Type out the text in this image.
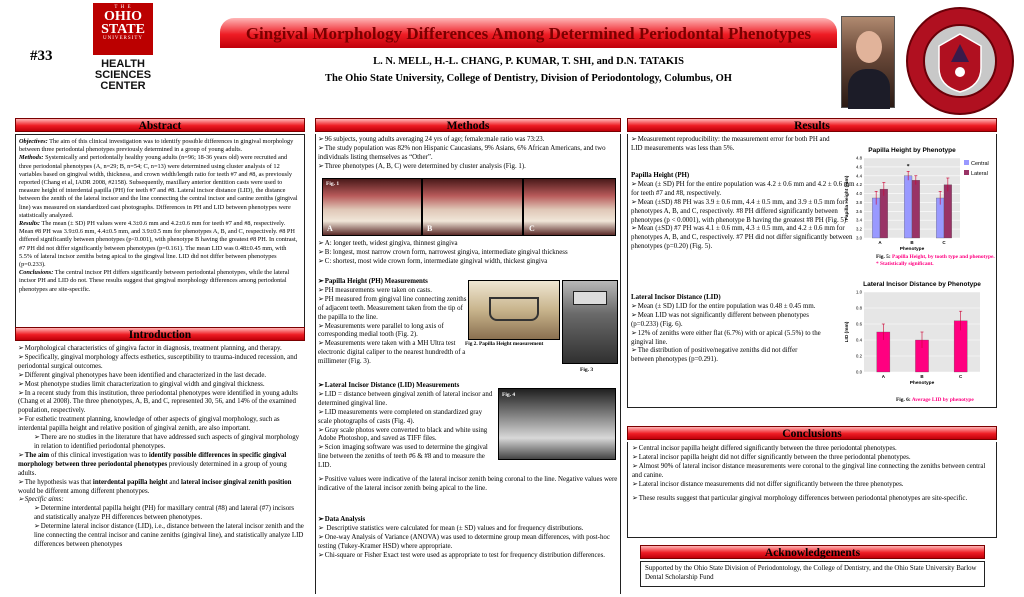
#33
T H E
OHIO
STATE
UNIVERSITY
HEALTH
SCIENCES
CENTER
Gingival Morphology Differences Among Determined Periodontal Phenotypes
L. N. MELL, H.-L. CHANG, P. KUMAR, T. SHI, and D.N. TATAKIS
The Ohio State University, College of Dentistry, Division of Periodontology, Columbus, OH
Abstract

Objectives: The aim of this clinical investigation was to identify possible differences in gingival morphology between three periodontal phenotypes previously determined in a group of young adults.

Methods: Systemically and periodontally healthy young adults (n=96; 18-36 years old) were recruited and three periodontal phenotypes (A, n=29; B, n=54; C, n=13) were determined using cluster analysis of 12 variables based on gingival width, thickness, and crown width/length ratio for teeth #7 and #8, as previously reported (Chang et al, IADR 2008, #2158). Subsequently, maxillary anterior dentition casts were used to measure height of interdental papilla (PH) for teeth #7 and #8. Lateral incisor distance (LID), the distance between the zenith of the lateral incisor and the line connecting the central incisor and canine zeniths (gingival line) was measured on standardized cast photographs. Differences in PH and LID between phenotypes were statistically analyzed.

Results: The mean (± SD) PH values were 4.3±0.6 mm and 4.2±0.6 mm for teeth #7 and #8, respectively. Mean #8 PH was 3.9±0.6 mm, 4.4±0.5 mm, and 3.9±0.5 mm for phenotypes A, B, and C, respectively. #8 PH differed significantly between phenotypes (p<0.001), with phenotype B having the greatest #8 PH. In contrast, #7 PH did not differ significantly between phenotypes (p=0.161). The mean LID was 0.48±0.45 mm, with 5.5% of lateral incisor zeniths being apical to the gingival line. LID did not differ between phenotypes (p=0.233).

Conclusions: The central incisor PH differs significantly between periodontal phenotypes, while the lateral incisor PH and LID do not. These results suggest that gingival morphology differences among periodontal phenotypes are site-specific.

Introduction

➢ Morphological characteristics of gingiva factor in diagnosis, treatment planning, and therapy.

➢ Specifically, gingival morphology affects esthetics, susceptibility to trauma-induced recession, and periodontal surgical outcomes.

➢ Different gingival phenotypes have been identified and characterized in the last decade.

➢ Most phenotype studies limit characterization to gingival width and gingival thickness.

➢ In a recent study from this institution, three periodontal phenotypes were identified in young adults (Chang et al 2008). The three phenotypes, A, B, and C, represented 30, 56, and 14% of the examined population, respectively.

➢ For esthetic treatment planning, knowledge of other aspects of gingival morphology, such as interdental papilla height and relative position of gingival zenith, are also important.

➢ There are no studies in the literature that have addressed such aspects of gingival morphology in relation to identified periodontal phenotypes.

➢ The aim of this clinical investigation was to identify possible differences in specific gingival morphology between three periodontal phenotypes previously determined in a group of young adults.

➢ The hypothesis was that interdental papilla height and lateral incisor gingival zenith position would be different among different phenotypes.

➢ Specific aims:

➢ Determine interdental papilla height (PH) for maxillary central (#8) and lateral (#7) incisors and statistically analyze PH differences between phenotypes.

➢ Determine lateral incisor distance (LID), i.e., distance between the lateral incisor zenith and the line connecting the central incisor and canine zeniths (gingival line), and statistically analyze LID differences between phenotypes

Methods

➢ 96 subjects, young adults averaging 24 yrs of age; female:male ratio was 73:23.

➢ The study population was 82% non Hispanic Caucasians, 9% Asians, 6% African Americans, and two individuals listing themselves as “Other”.

➢ Three phenotypes (A, B, C) were determined by cluster analysis (Fig. 1).

Fig. 1
A	B	C

➢ A: longer teeth, widest gingiva, thinnest gingiva

➢ B: longest, most narrow crown form, narrowest gingiva, intermediate gingival thickness

➢ C: shortest, most wide crown form, intermediate gingival width, thickest gingiva

➢ Papilla Height (PH) Measurements

➢ PH measurements were taken on casts.

➢ PH measured from gingival line connecting zeniths of adjacent teeth. Measurement taken from the tip of the papilla to the line.

➢ Measurements were parallel to long axis of corresponding medial tooth (Fig. 2).

➢ Measurements were taken with a MH Ultra test electronic digital caliper to the nearest hundredth of a millimeter (Fig. 3).

Fig 2. Papilla Height measurement
Fig. 3

➢ Lateral Incisor Distance (LID) Measurements

➢ LID = distance between gingival zenith of lateral incisor and determined gingival line.

➢ LID measurements were completed on standardized gray scale photographs of casts (Fig. 4).

➢ Gray scale photos were converted to black and white using Adobe Photoshop, and saved as TIFF files.

➢ Scion imaging software was used to determine the gingival line between the zeniths of teeth #6 & #8 and to measure the LID.

Fig. 4

➢ Positive values were indicative of the lateral incisor zenith being coronal to the line. Negative values were indicative of the lateral incisor zenith being apical to the line.

➢ Data Analysis

➢ Descriptive statistics were calculated for mean (± SD) values and for frequency distributions.

➢ One-way Analysis of Variance (ANOVA) was used to determine group mean differences, with post-hoc testing (Tukey-Kramer HSD) where appropriate.

➢ Chi-square or Fisher Exact test were used as appropriate to test for frequency distribution differences.

Results

➢ Measurement reproducibility: the measurement error for both PH and LID measurements was less than 5%.

Papilla Height (PH)

➢ Mean (± SD) PH for the entire population was 4.2 ± 0.6 mm and 4.2 ± 0.6 mm for teeth #7 and #8, respectively.

➢ Mean (±SD) #8 PH was 3.9 ± 0.6 mm, 4.4 ± 0.5 mm, and 3.9 ± 0.5 mm for phenotypes A, B, and C, respectively. #8 PH differed significantly between phenotypes (p < 0.0001), with phenotype B having the greatest #8 PH (Fig. 5).

➢ Mean (±SD) #7 PH was 4.1 ± 0.6 mm, 4.3 ± 0.5 mm, and 4.2 ± 0.6 mm for phenotypes A, B, and C, respectively. #7 PH did not differ significantly between phenotypes (p=0.20) (Fig. 5).

Lateral Incisor Distance (LID)

➢ Mean (± SD) LID for the entire population was 0.48 ± 0.45 mm.

➢ Mean LID was not significantly different between phenotypes (p=0.233) (Fig. 6).

➢ 12% of zeniths were either flat (6.7%) with or apical (5.5%) to the gingival line.

➢ The distribution of positive/negative zeniths did not differ between phenotypes (p=0.291).

Papilla Height by Phenotype
3.0
3.2
3.4
3.6
3.8
4.0
4.2
4.4
4.6
4.8
A	B	C
Phenotype
Papilla Height (mm)
Central
Lateral
*
Fig. 5: Papilla Height, by tooth type and phenotype.
* Statistically significant.
Lateral Incisor Distance by Phenotype
0.0
0.2
0.4
0.6
0.8
1.0
A	B	C
Phenotype
LID (mm)
Fig. 6: Average LID by phenotype
Conclusions

➢ Central incisor papilla height differed significantly between the three periodontal phenotypes.

➢ Lateral incisor papilla height did not differ significantly between the three periodontal phenotypes.

➢ Almost 90% of lateral incisor distance measurements were coronal to the gingival line connecting the zeniths between central and canine.

➢ Lateral incisor distance measurements did not differ significantly between the three phenotypes.

➢ These results suggest that particular gingival morphology differences between periodontal phenotypes are site-specific.

Acknowledgements

Supported by the Ohio State Division of Periodontology, the College of Dentistry, and the Ohio State University Barlow Dental Scholarship Fund
